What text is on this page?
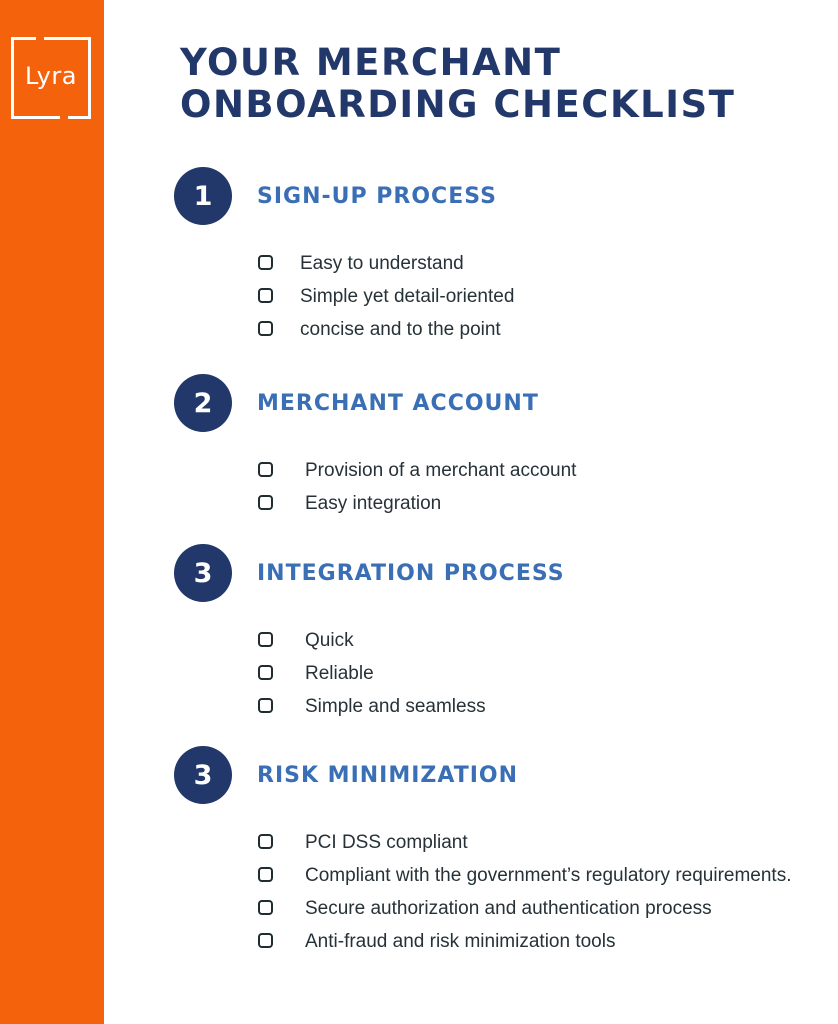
Lyra	YOUR MERCHANT
ONBOARDING CHECKLIST
1	SIGN-UP PROCESS
Easy to understand
Simple yet detail-oriented
concise and to the point
2	MERCHANT ACCOUNT
Provision of a merchant account
Easy integration
3	INTEGRATION PROCESS
Quick
Reliable
Simple and seamless
3	RISK MINIMIZATION
PCI DSS compliant
Compliant with the government’s regulatory requirements.
Secure authorization and authentication process
Anti-fraud and risk minimization tools
